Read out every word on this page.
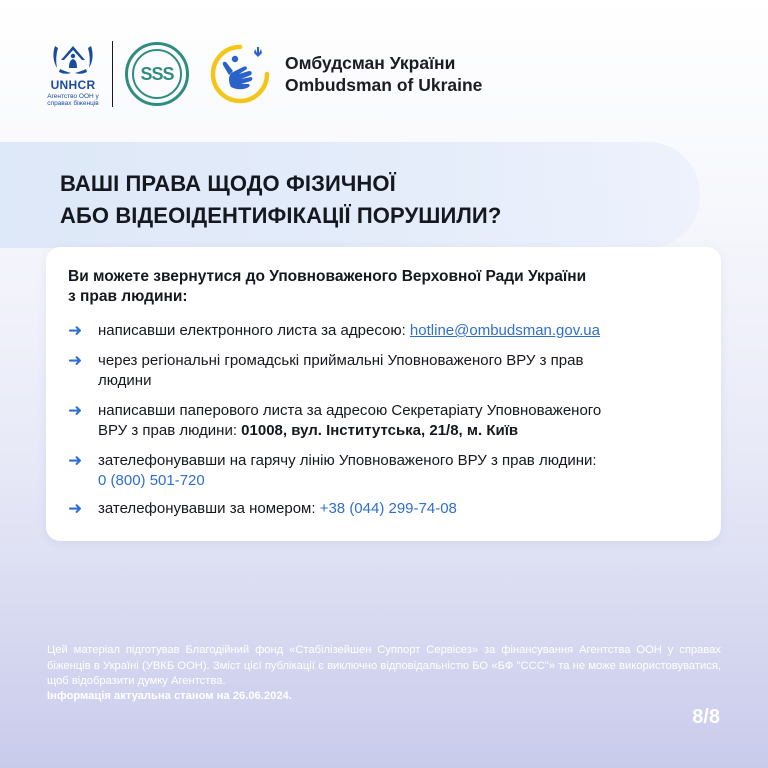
UNHCR
Агентство ООН у
справах біженців
SSS
Омбудсман України
Ombudsman of Ukraine
ВАШІ ПРАВА ЩОДО ФІЗИЧНОЇ
АБО ВІДЕОІДЕНТИФІКАЦІЇ ПОРУШИЛИ?
Ви можете звернутися до Уповноваженого Верховної Ради України
з прав людини:
➜	написавши електронного листа за адресою: hotline@ombudsman.gov.ua
➜	через регіональні громадські приймальні Уповноваженого ВРУ з прав
людини
➜	написавши паперового листа за адресою Секретаріату Уповноваженого
ВРУ з прав людини: 01008, вул. Інститутська, 21/8, м. Київ
➜	зателефонувавши на гарячу лінію Уповноваженого ВРУ з прав людини:
0 (800) 501-720
➜	зателефонувавши за номером: +38 (044) 299-74-08
Цей матеріал підготував Благодійний фонд «Стабілізейшен Суппорт Сервісез» за фінансування Агентства ООН у справах біженців в Україні (УВКБ ООН). Зміст цієї публікації є виключно відповідальністю БО «БФ "ССС"» та не може використовуватися, щоб відобразити думку Агентства.
Інформація актуальна станом на 26.06.2024.
8/8
